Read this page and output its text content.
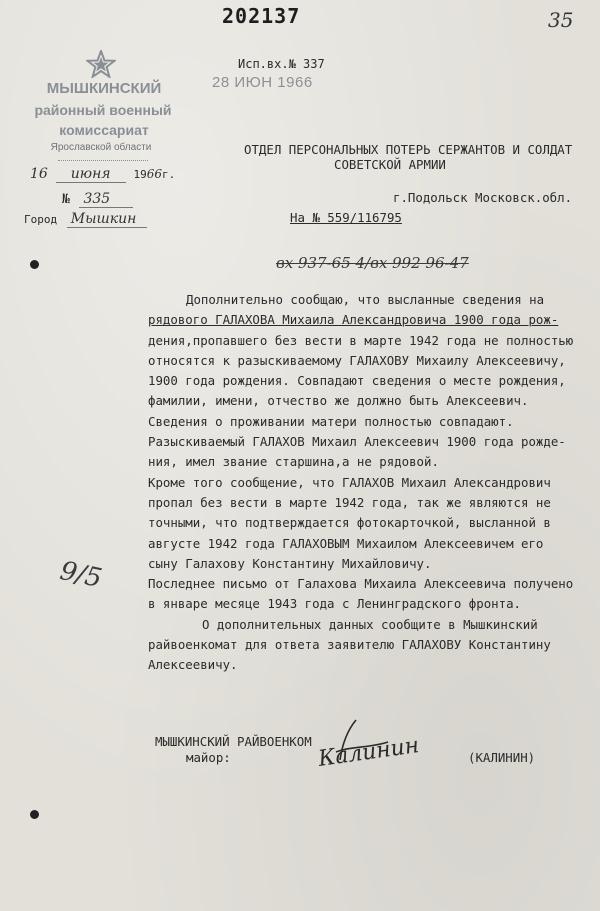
202137	35
Исп.вх.№ 337
28 ИЮН 1966
МЫШКИНСКИЙ
районный военный
комиссариат
Ярославской области
16 июня 1966г.
№ 335
Город Мышкин
ОТДЕЛ ПЕРСОНАЛЬНЫХ ПОТЕРЬ СЕРЖАНТОВ И СОЛДАТ
СОВЕТСКОЙ АРМИИ
г.Подольск Московск.обл.
На № 559/116795
вх 937-65 4/вх 992 96-47
Дополнительно сообщаю, что высланные сведения на
рядового ГАЛАХОВА Михаила Александровича 1900 года рож-
дения,пропавшего без вести в марте 1942 года не полностью
относятся к разыскиваемому ГАЛАХОВУ Михаилу Алексеевичу,
1900 года рождения. Совпадают сведения о месте рождения,
фамилии, имени, отчество же должно быть Алексеевич.
Сведения о проживании матери полностью совпадают.
Разыскиваемый ГАЛАХОВ Михаил Алексеевич 1900 года рожде-
ния, имел звание старшина,а не рядовой.
Кроме того сообщение, что ГАЛАХОВ Михаил Александрович
пропал без вести в марте 1942 года, так же являются не
точными, что подтверждается фотокарточкой, высланной в
августе 1942 года ГАЛАХОВЫМ Михаилом Алексеевичем его
сыну Галахову Константину Михайловичу.
Последнее письмо от Галахова Михаила Алексеевича получено
в январе месяце 1943 года с Ленинградского фронта.
О дополнительных данных сообщите в Мышкинский
райвоенкомат для ответа заявителю ГАЛАХОВУ Константину
Алексеевичу.
9/5
МЫШКИНСКИЙ РАЙВОЕНКОМ
майор:	Калинин	(КАЛИНИН)
